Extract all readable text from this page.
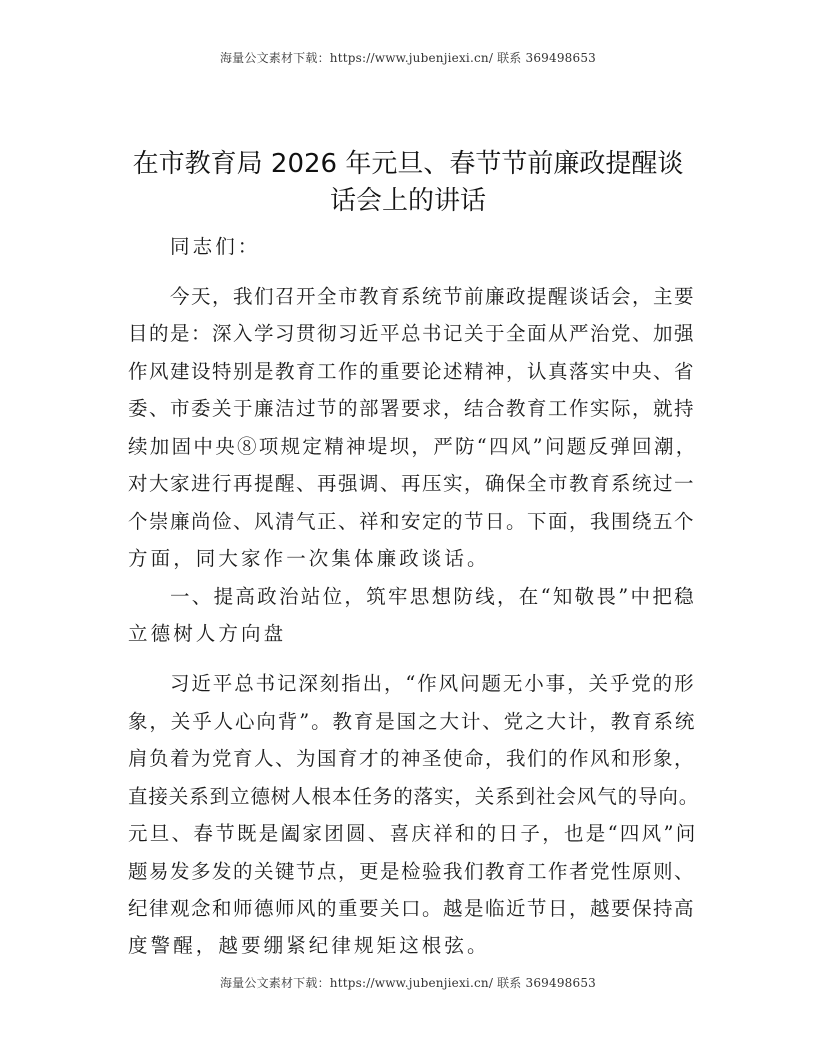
海量公文素材下载：https://www.jubenjiexi.cn/ 联系 369498653
在市教育局 2026 年元旦、春节节前廉政提醒谈
话会上的讲话
同志们：
今天，我们召开全市教育系统节前廉政提醒谈话会，主要
目的是：深入学习贯彻习近平总书记关于全面从严治党、加强
作风建设特别是教育工作的重要论述精神，认真落实中央、省
委、市委关于廉洁过节的部署要求，结合教育工作实际，就持
续加固中央⑧项规定精神堤坝，严防“四风”问题反弹回潮，
对大家进行再提醒、再强调、再压实，确保全市教育系统过一
个崇廉尚俭、风清气正、祥和安定的节日。下面，我围绕五个
方面，同大家作一次集体廉政谈话。
一、提高政治站位，筑牢思想防线，在“知敬畏”中把稳
立德树人方向盘
习近平总书记深刻指出，“作风问题无小事，关乎党的形
象，关乎人心向背”。教育是国之大计、党之大计，教育系统
肩负着为党育人、为国育才的神圣使命，我们的作风和形象，
直接关系到立德树人根本任务的落实，关系到社会风气的导向。
元旦、春节既是阖家团圆、喜庆祥和的日子，也是“四风”问
题易发多发的关键节点，更是检验我们教育工作者党性原则、
纪律观念和师德师风的重要关口。越是临近节日，越要保持高
度警醒，越要绷紧纪律规矩这根弦。
海量公文素材下载：https://www.jubenjiexi.cn/ 联系 369498653
